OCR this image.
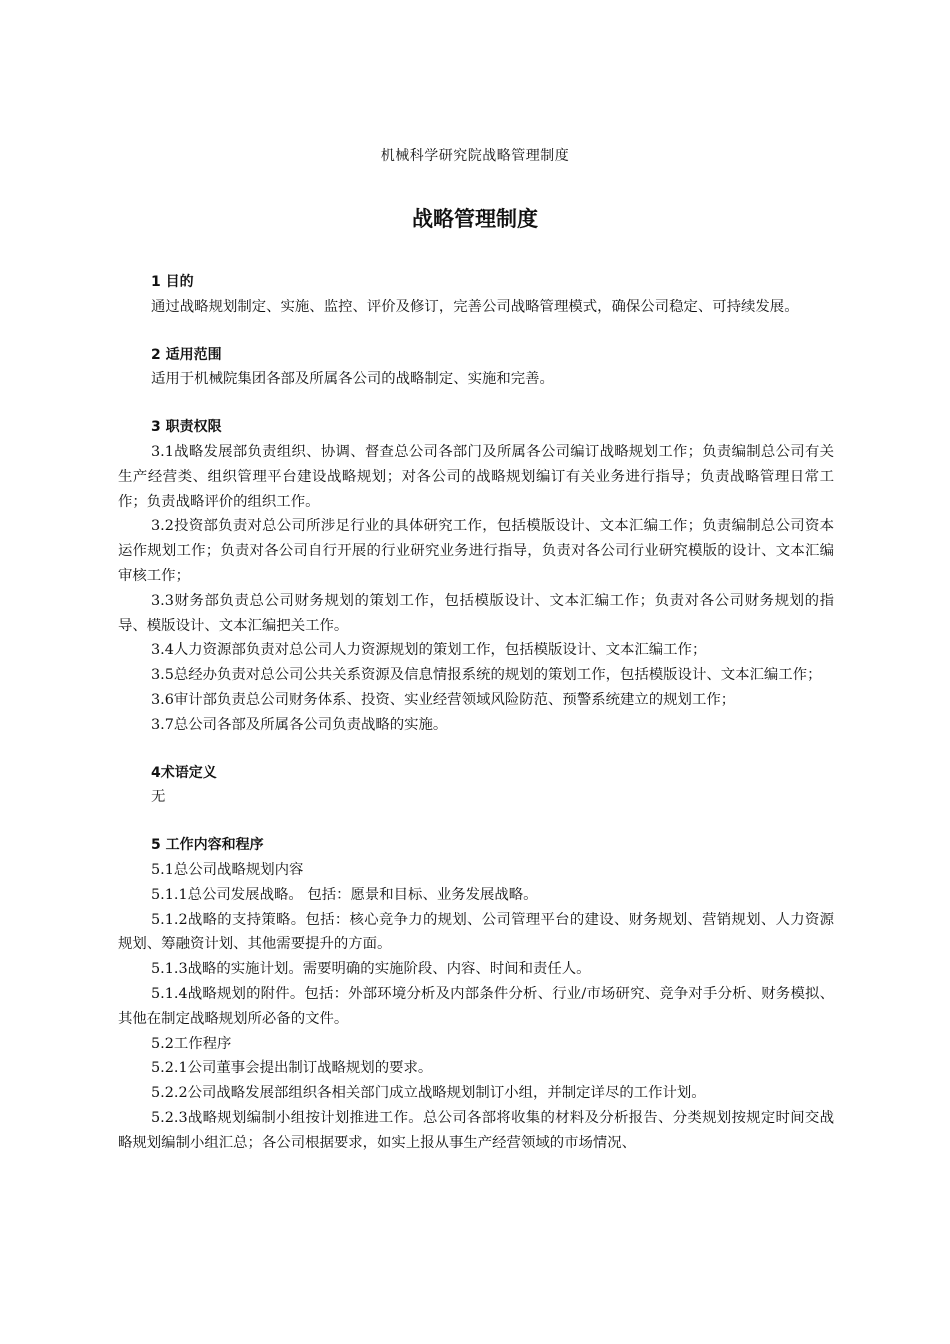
机械科学研究院战略管理制度
战略管理制度

1 目的

通过战略规划制定、实施、监控、评价及修订，完善公司战略管理模式，确保公司稳定、可持续发展。

2 适用范围

适用于机械院集团各部及所属各公司的战略制定、实施和完善。

3 职责权限

3.1战略发展部负责组织、协调、督查总公司各部门及所属各公司编订战略规划工作；负责编制总公司有关生产经营类、组织管理平台建设战略规划；对各公司的战略规划编订有关业务进行指导；负责战略管理日常工作；负责战略评价的组织工作。

3.2投资部负责对总公司所涉足行业的具体研究工作，包括模版设计、文本汇编工作；负责编制总公司资本运作规划工作；负责对各公司自行开展的行业研究业务进行指导，负责对各公司行业研究模版的设计、文本汇编审核工作；

3.3财务部负责总公司财务规划的策划工作，包括模版设计、文本汇编工作；负责对各公司财务规划的指导、模版设计、文本汇编把关工作。

3.4人力资源部负责对总公司人力资源规划的策划工作，包括模版设计、文本汇编工作；

3.5总经办负责对总公司公共关系资源及信息情报系统的规划的策划工作，包括模版设计、文本汇编工作；

3.6审计部负责总公司财务体系、投资、实业经营领域风险防范、预警系统建立的规划工作；

3.7总公司各部及所属各公司负责战略的实施。

4术语定义

无

5 工作内容和程序

5.1总公司战略规划内容

5.1.1总公司发展战略。 包括：愿景和目标、业务发展战略。

5.1.2战略的支持策略。包括：核心竞争力的规划、公司管理平台的建设、财务规划、营销规划、人力资源规划、筹融资计划、其他需要提升的方面。

5.1.3战略的实施计划。需要明确的实施阶段、内容、时间和责任人。

5.1.4战略规划的附件。包括：外部环境分析及内部条件分析、行业/市场研究、竞争对手分析、财务模拟、其他在制定战略规划所必备的文件。

5.2工作程序

5.2.1公司董事会提出制订战略规划的要求。

5.2.2公司战略发展部组织各相关部门成立战略规划制订小组，并制定详尽的工作计划。

5.2.3战略规划编制小组按计划推进工作。总公司各部将收集的材料及分析报告、分类规划按规定时间交战略规划编制小组汇总；各公司根据要求，如实上报从事生产经营领域的市场情况、
